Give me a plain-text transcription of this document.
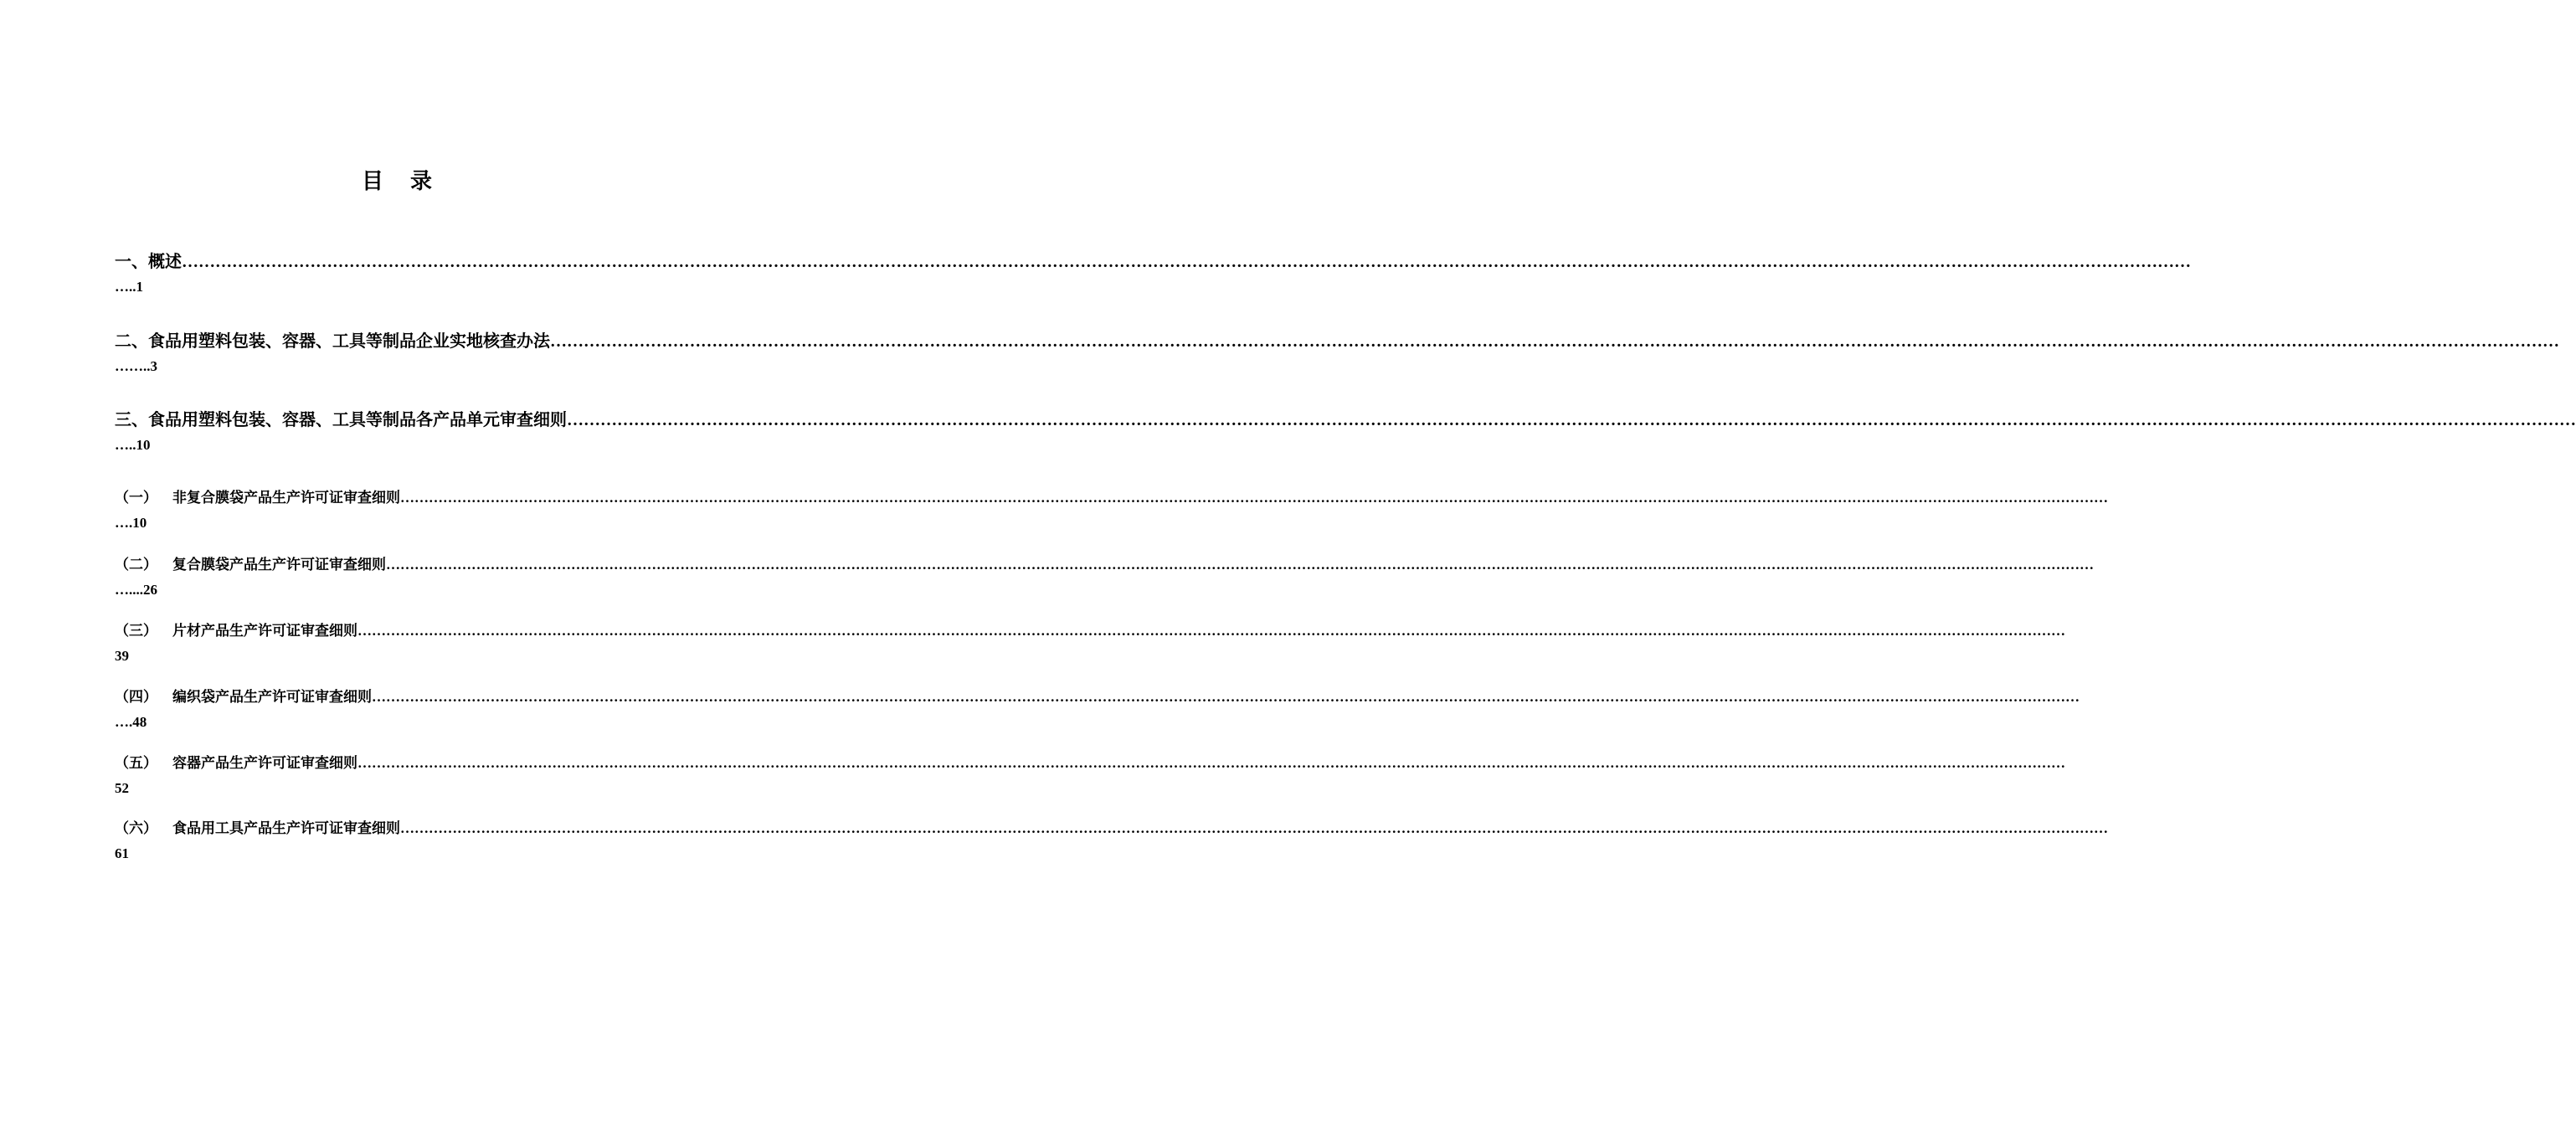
目 录
一、概述 ………………………………………………………………………………………………………………………………………………………………………………………………………………………………………………………………………………………………………………………………
…..1
二、食品用塑料包装、容器、工具等制品企业实地核查办法 ………………………………………………………………………………………………………………………………………………………………………………………………………………………………………………………………………………………………………………………………
……..3
三、食品用塑料包装、容器、工具等制品各产品单元审查细则 ………………………………………………………………………………………………………………………………………………………………………………………………………………………………………………………………………………………………………………………………
…..10
（一） 非复合膜袋产品生产许可证审查细则 ………………………………………………………………………………………………………………………………………………………………………………………………………………………………………………………………………………………………………………………………
….10
（二） 复合膜袋产品生产许可证审查细则 ………………………………………………………………………………………………………………………………………………………………………………………………………………………………………………………………………………………………………………………………
…....26
（三） 片材产品生产许可证审查细则 ………………………………………………………………………………………………………………………………………………………………………………………………………………………………………………………………………………………………………………………………
39
（四） 编织袋产品生产许可证审查细则 ………………………………………………………………………………………………………………………………………………………………………………………………………………………………………………………………………………………………………………………………
….48
（五） 容器产品生产许可证审查细则 ………………………………………………………………………………………………………………………………………………………………………………………………………………………………………………………………………………………………………………………………
52
（六） 食品用工具产品生产许可证审查细则 ………………………………………………………………………………………………………………………………………………………………………………………………………………………………………………………………………………………………………………………………
61
